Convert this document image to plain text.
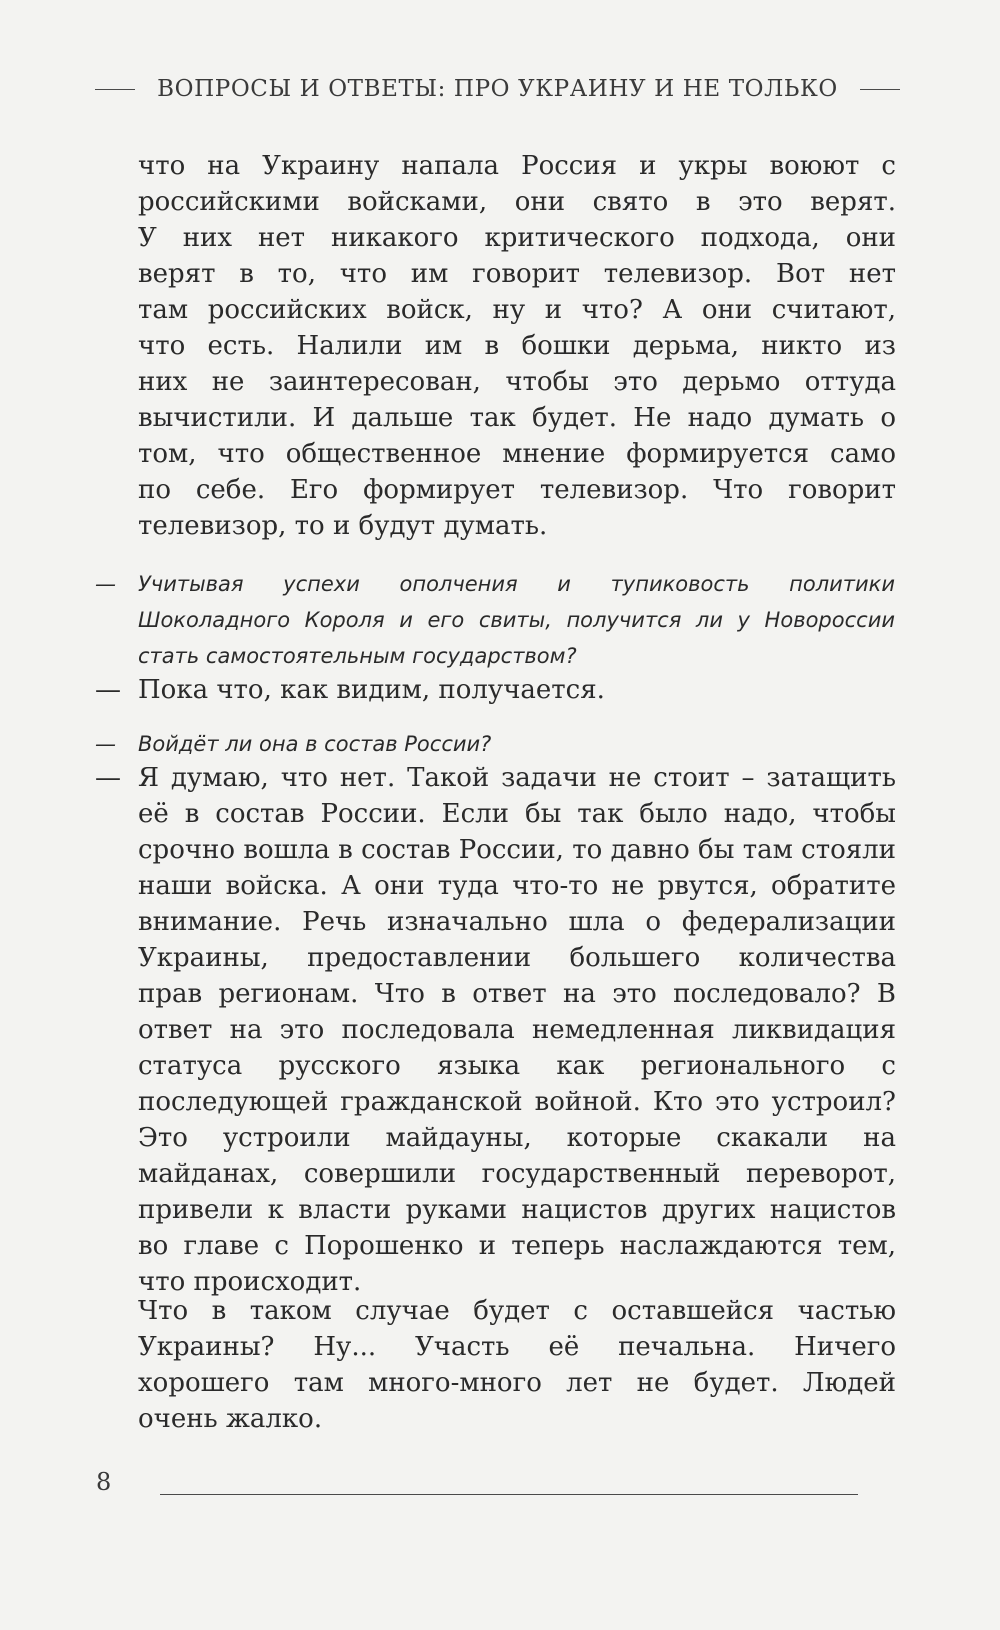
ВОПРОСЫ И ОТВЕТЫ: ПРО УКРАИНУ И НЕ ТОЛЬКО
что на Украину напала Россия и укры воюют с
российскими войсками, они свято в это верят.
У них нет никакого критического подхода, они
верят в то, что им говорит телевизор. Вот нет
там российских войск, ну и что? А они считают,
что есть. Налили им в бошки дерьма, никто из
них не заинтересован, чтобы это дерьмо оттуда
вычистили. И дальше так будет. Не надо думать о
том, что общественное мнение формируется само
по себе. Его формирует телевизор. Что говорит
телевизор, то и будут думать.
—	Учитывая успехи ополчения и тупиковость политики
Шоколадного Короля и его свиты, получится ли у Новороссии
стать самостоятельным государством?
— Пока что, как видим, получается.
—	Войдёт ли она в состав России?
— Я думаю, что нет. Такой задачи не стоит – затащить
её в состав России. Если бы так было надо, чтобы
срочно вошла в состав России, то давно бы там стояли
наши войска. А они туда что-то не рвутся, обратите
внимание. Речь изначально шла о федерализации
Украины, предоставлении большего количества
прав регионам. Что в ответ на это последовало? В
ответ на это последовала немедленная ликвидация
статуса русского языка как регионального с
последующей гражданской войной. Кто это устроил?
Это устроили майдауны, которые скакали на
майданах, совершили государственный переворот,
привели к власти руками нацистов других нацистов
во главе с Порошенко и теперь наслаждаются тем,
что происходит.
Что в таком случае будет с оставшейся частью
Украины? Ну... Участь её печальна. Ничего
хорошего там много-много лет не будет. Людей
очень жалко.
8
